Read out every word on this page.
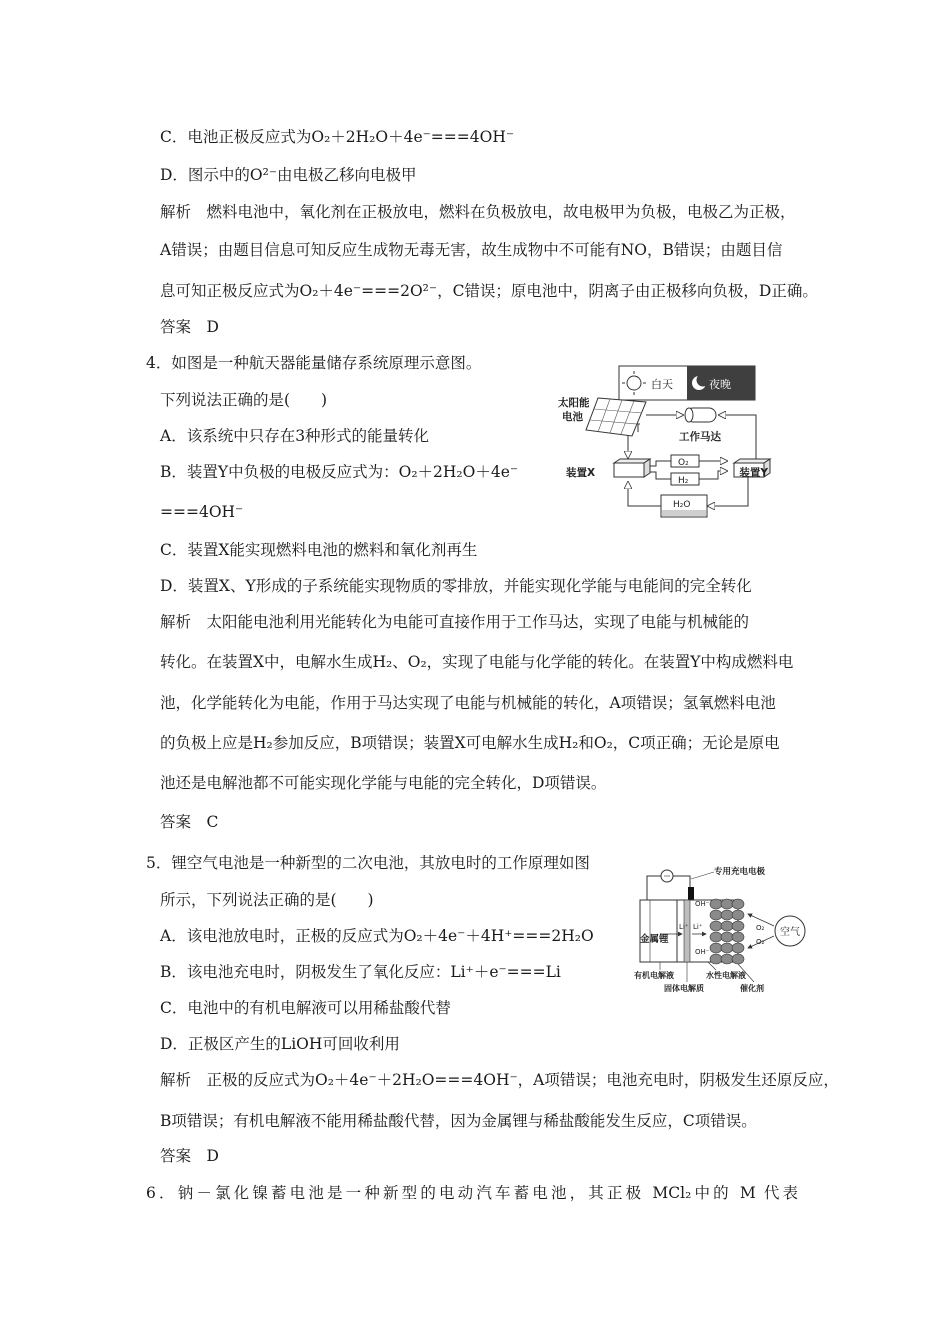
C．电池正极反应式为O₂＋2H₂O＋4e⁻===4OH⁻
D．图示中的O²⁻由电极乙移向电极甲
解析　燃料电池中，氧化剂在正极放电，燃料在负极放电，故电极甲为负极，电极乙为正极，
A错误；由题目信息可知反应生成物无毒无害，故生成物中不可能有NO，B错误；由题目信
息可知正极反应式为O₂＋4e⁻===2O²⁻，C错误；原电池中，阴离子由正极移向负极，D正确。
答案　D
4．如图是一种航天器能量储存系统原理示意图。
下列说法正确的是(　　)
A．该系统中只存在3种形式的能量转化
B．装置Y中负极的电极反应式为：O₂＋2H₂O＋4e⁻
===4OH⁻
C．装置X能实现燃料电池的燃料和氧化剂再生
D．装置X、Y形成的子系统能实现物质的零排放，并能实现化学能与电能间的完全转化
解析　太阳能电池利用光能转化为电能可直接作用于工作马达，实现了电能与机械能的
转化。在装置X中，电解水生成H₂、O₂，实现了电能与化学能的转化。在装置Y中构成燃料电
池，化学能转化为电能，作用于马达实现了电能与机械能的转化，A项错误；氢氧燃料电池
的负极上应是H₂参加反应，B项错误；装置X可电解水生成H₂和O₂，C项正确；无论是原电
池还是电解池都不可能实现化学能与电能的完全转化，D项错误。
答案　C
白天	夜晚
太阳能
电池
工作马达
装置X	装置Y
O₂
H₂
H₂O
5．锂空气电池是一种新型的二次电池，其放电时的工作原理如图
所示，下列说法正确的是(　　)
A．该电池放电时，正极的反应式为O₂＋4e⁻＋4H⁺===2H₂O
B．该电池充电时，阴极发生了氧化反应：Li⁺＋e⁻===Li
C．电池中的有机电解液可以用稀盐酸代替
D．正极区产生的LiOH可回收利用
解析　正极的反应式为O₂＋4e⁻＋2H₂O===4OH⁻，A项错误；电池充电时，阴极发生还原反应，
B项错误；有机电解液不能用稀盐酸代替，因为金属锂与稀盐酸能发生反应，C项错误。
答案　D
专用充电电极
金属锂
Li⁺ Li⁺
OH⁻
OH⁻
空气
O₂
O₂
有机电解液	水性电解液
固体电解质	催化剂
6．钠－氯化镍蓄电池是一种新型的电动汽车蓄电池，其正极 MCl₂中的 M 代表
